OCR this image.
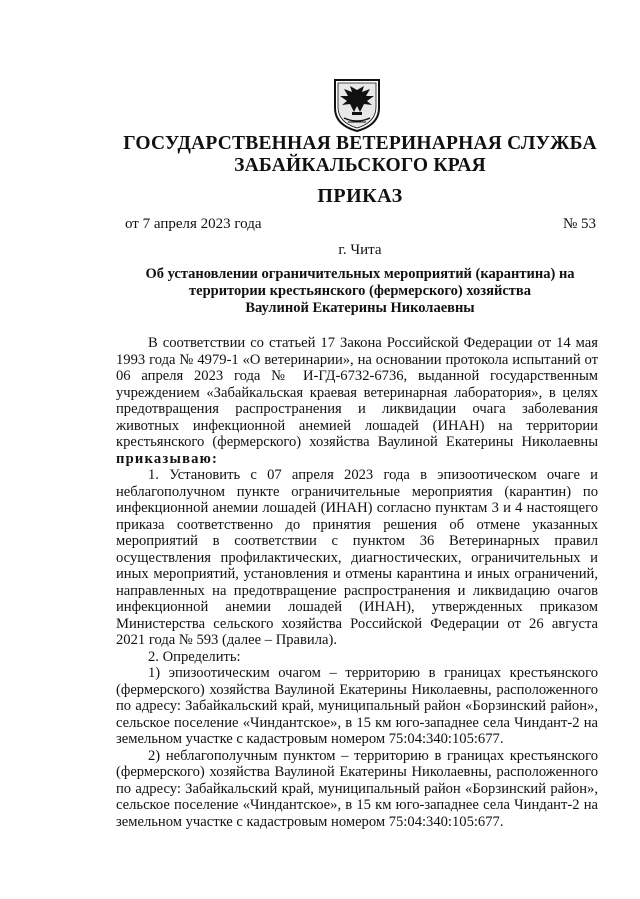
ГОСУДАРСТВЕННАЯ ВЕТЕРИНАРНАЯ СЛУЖБА
ЗАБАЙКАЛЬСКОГО КРАЯ
ПРИКАЗ
от 7 апреля 2023 года	№ 53
г. Чита
Об установлении ограничительных мероприятий (карантина) на
территории крестьянского (фермерского) хозяйства
Ваулиной Екатерины Николаевны

В соответствии со статьей 17 Закона Российской Федерации от 14 мая 1993 года № 4979-1 «О ветеринарии», на основании протокола испытаний от 06 апреля 2023 года № И-ГД-6732-6736, выданной государственным учреждением «Забайкальская краевая ветеринарная лаборатория», в целях предотвращения распространения и ликвидации очага заболевания животных инфекционной анемией лошадей (ИНАН) на территории крестьянского (фермерского) хозяйства Ваулиной Екатерины Николаевны приказываю:

1. Установить с 07 апреля 2023 года в эпизоотическом очаге и неблагополучном пункте ограничительные мероприятия (карантин) по инфекционной анемии лошадей (ИНАН) согласно пунктам 3 и 4 настоящего приказа соответственно до принятия решения об отмене указанных мероприятий в соответствии с пунктом 36 Ветеринарных правил осуществления профилактических, диагностических, ограничительных и иных мероприятий, установления и отмены карантина и иных ограничений, направленных на предотвращение распространения и ликвидацию очагов инфекционной анемии лошадей (ИНАН), утвержденных приказом Министерства сельского хозяйства Российской Федерации от 26 августа 2021 года № 593 (далее – Правила).

2. Определить:

1) эпизоотическим очагом – территорию в границах крестьянского (фермерского) хозяйства Ваулиной Екатерины Николаевны, расположенного по адресу: Забайкальский край, муниципальный район «Борзинский район», сельское поселение «Чиндантское», в 15 км юго-западнее села Чиндант-2 на земельном участке с кадастровым номером 75:04:340:105:677.

2) неблагополучным пунктом – территорию в границах крестьянского (фермерского) хозяйства Ваулиной Екатерины Николаевны, расположенного по адресу: Забайкальский край, муниципальный район «Борзинский район», сельское поселение «Чиндантское», в 15 км юго-западнее села Чиндант-2 на земельном участке с кадастровым номером 75:04:340:105:677.
